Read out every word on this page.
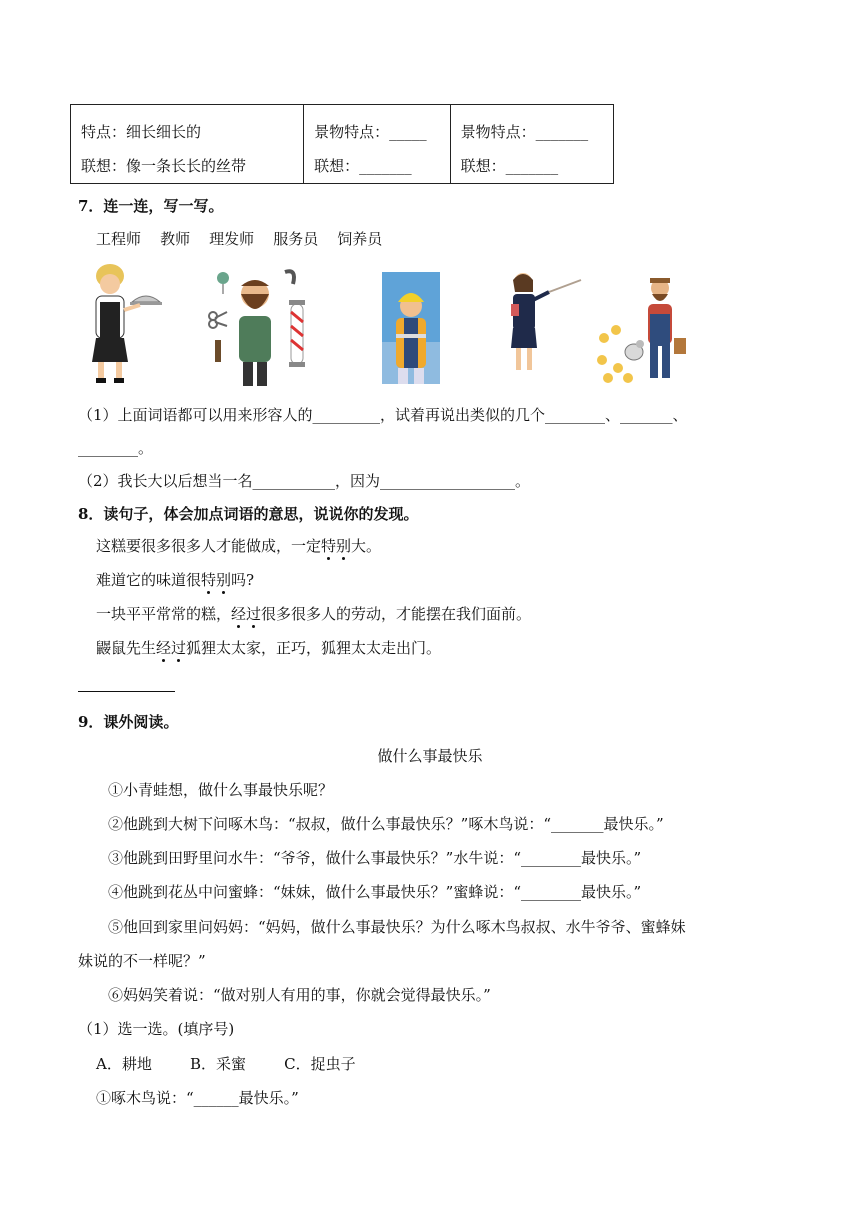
特点：细长细长的
联想：像一条长长的丝带
景物特点：_____
联想：_______
景物特点：_______
联想：_______
7．连一连，写一写。
工程师    教师    理发师    服务员    饲养员
（1）上面词语都可以用来形容人的_________，试着再说出类似的几个________、_______、
________。
（2）我长大以后想当一名___________，因为__________________。
8．读句子，体会加点词语的意思，说说你的发现。
这糕要很多很多人才能做成，一定特别大。
难道它的味道很特别吗?
一块平平常常的糕，经过很多很多人的劳动，才能摆在我们面前。
鼹鼠先生经过狐狸太太家，正巧，狐狸太太走出门。
9．课外阅读。
做什么事最快乐
①小青蛙想，做什么事最快乐呢？
②他跳到大树下问啄木鸟：“叔叔，做什么事最快乐？”啄木鸟说：“_______最快乐。”
③他跳到田野里问水牛：“爷爷，做什么事最快乐？”水牛说：“________最快乐。”
④他跳到花丛中问蜜蜂：“妹妹，做什么事最快乐？”蜜蜂说：“________最快乐。”
⑤他回到家里问妈妈：“妈妈，做什么事最快乐？为什么啄木鸟叔叔、水牛爷爷、蜜蜂妹
妹说的不一样呢？”
⑥妈妈笑着说：“做对别人有用的事，你就会觉得最快乐。”
（1）选一选。(填序号)
A．耕地        B．采蜜        C．捉虫子
①啄木鸟说：“______最快乐。”
